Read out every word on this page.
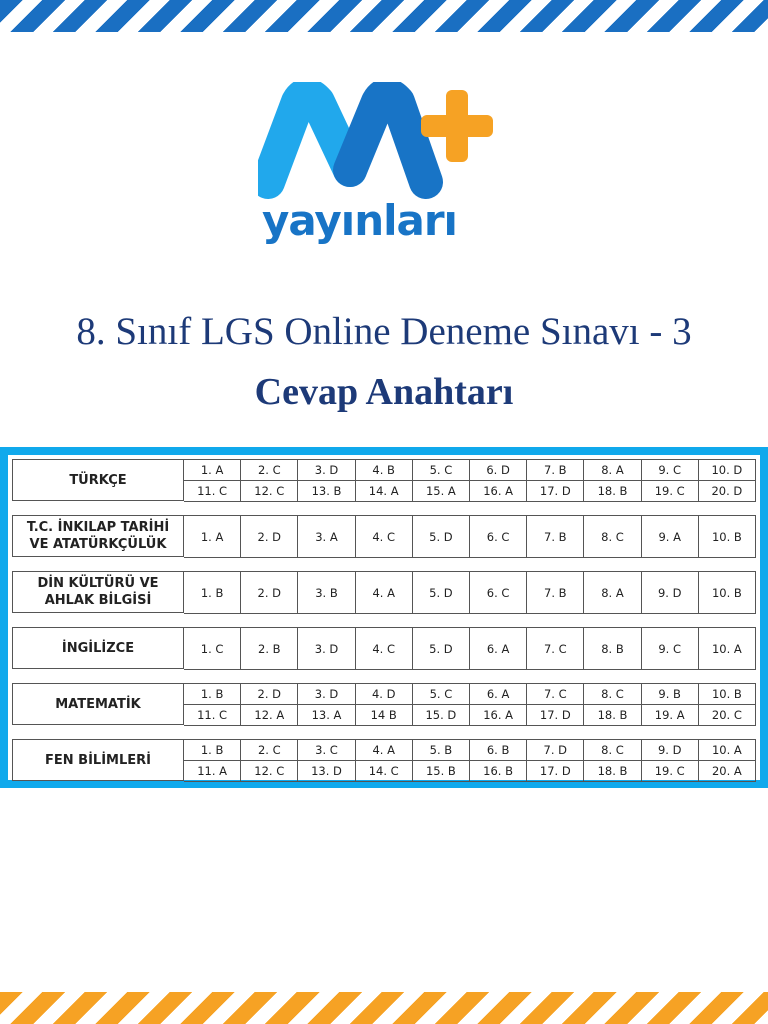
yayınları
8. Sınıf LGS Online Deneme Sınavı - 3
Cevap Anahtarı
TÜRKÇE
1. A	2. C	3. D	4. B	5. C	6. D	7. B	8. A	9. C	10. D
11. C	12. C	13. B	14. A	15. A	16. A	17. D	18. B	19. C	20. D
T.C. İNKILAP TARİHİ
VE ATATÜRKÇÜLÜK
1. A	2. D	3. A	4. C	5. D	6. C	7. B	8. C	9. A	10. B
DİN KÜLTÜRÜ VE
AHLAK BİLGİSİ
1. B	2. D	3. B	4. A	5. D	6. C	7. B	8. A	9. D	10. B
İNGİLİZCE	1. C	2. B	3. D	4. C	5. D	6. A	7. C	8. B	9. C	10. A
MATEMATİK
1. B	2. D	3. D	4. D	5. C	6. A	7. C	8. C	9. B	10. B
11. C	12. A	13. A	14 B	15. D	16. A	17. D	18. B	19. A	20. C
FEN BİLİMLERİ
1. B	2. C	3. C	4. A	5. B	6. B	7. D	8. C	9. D	10. A
11. A	12. C	13. D	14. C	15. B	16. B	17. D	18. B	19. C	20. A
